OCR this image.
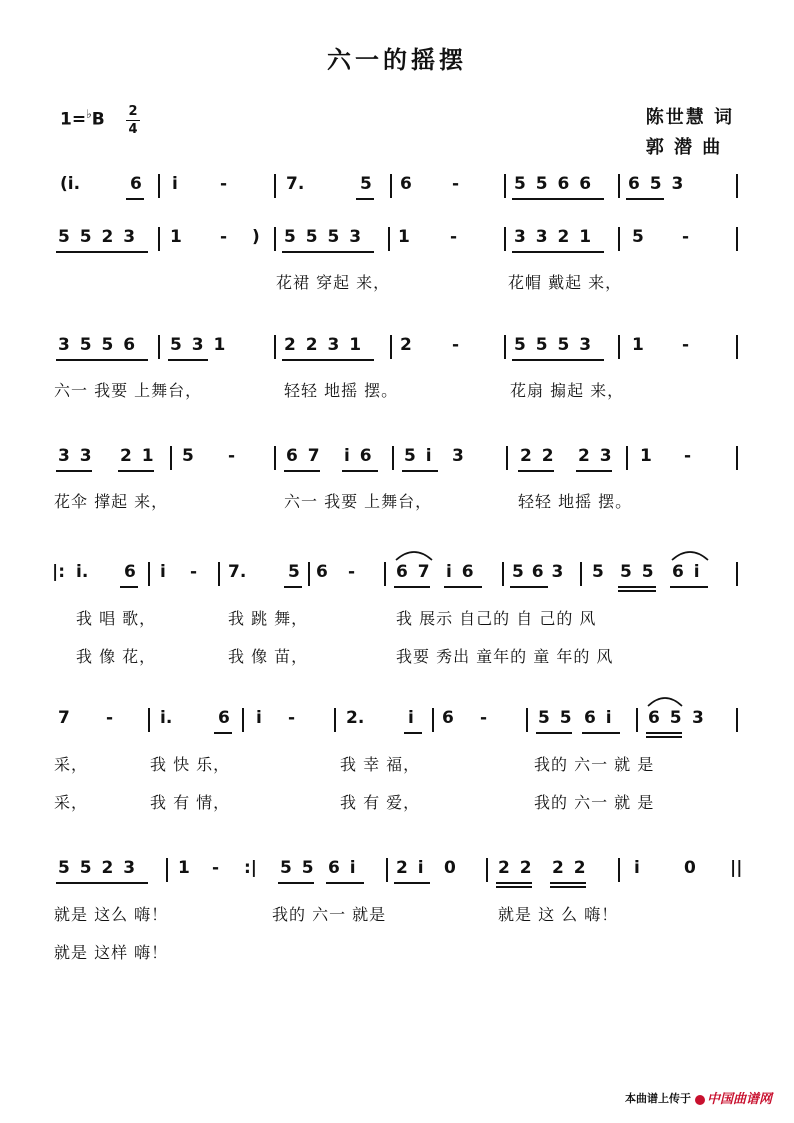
六一的摇摆
1=♭B 2
4
陈世慧 词
郭 潜 曲
(i.	6 i -	7.	5 6 -	5 5 6 6 6 5 3
5 5 2 3 1 - ) 5 5 5 3 1 -	3 3 2 1 5 -
花裙 穿起 来，	花帽 戴起 来，
3 5 5 6 5 3 1	2 2 3 1 2 -	5 5 5 3 1 -
六一 我要 上舞台，	轻轻 地摇 摆。	花扇 搧起 来，
3 3 2 1 5 -	6 7 i 6 5 i 3	2 2 2 3 1 -
花伞 撑起 来，	六一 我要 上舞台，	轻轻 地摇 摆。
|: i. 6 i - 7. 5 6 - 6 7 i 6 5 6 3 5 5 5 6 i
我 唱 歌，	我 跳 舞，	我 展示 自己的 自 己的 风
我 像 花，	我 像 苗，	我要 秀出 童年的 童 年的 风
7 -	i.	6 i -	2.	i 6 -	5 5 6 i 6 5 3
采，	我 快 乐，	我 幸 福，	我的 六一 就 是
采，	我 有 情，	我 有 爱，	我的 六一 就 是
5 5 2 3 1 - :| 5 5 6 i 2 i 0 2 2 2 2	i	0 ||
就是 这么 嗨！	我的 六一 就是	就是 这 么 嗨！
就是 这样 嗨！
本曲谱上传于	中国曲谱网
